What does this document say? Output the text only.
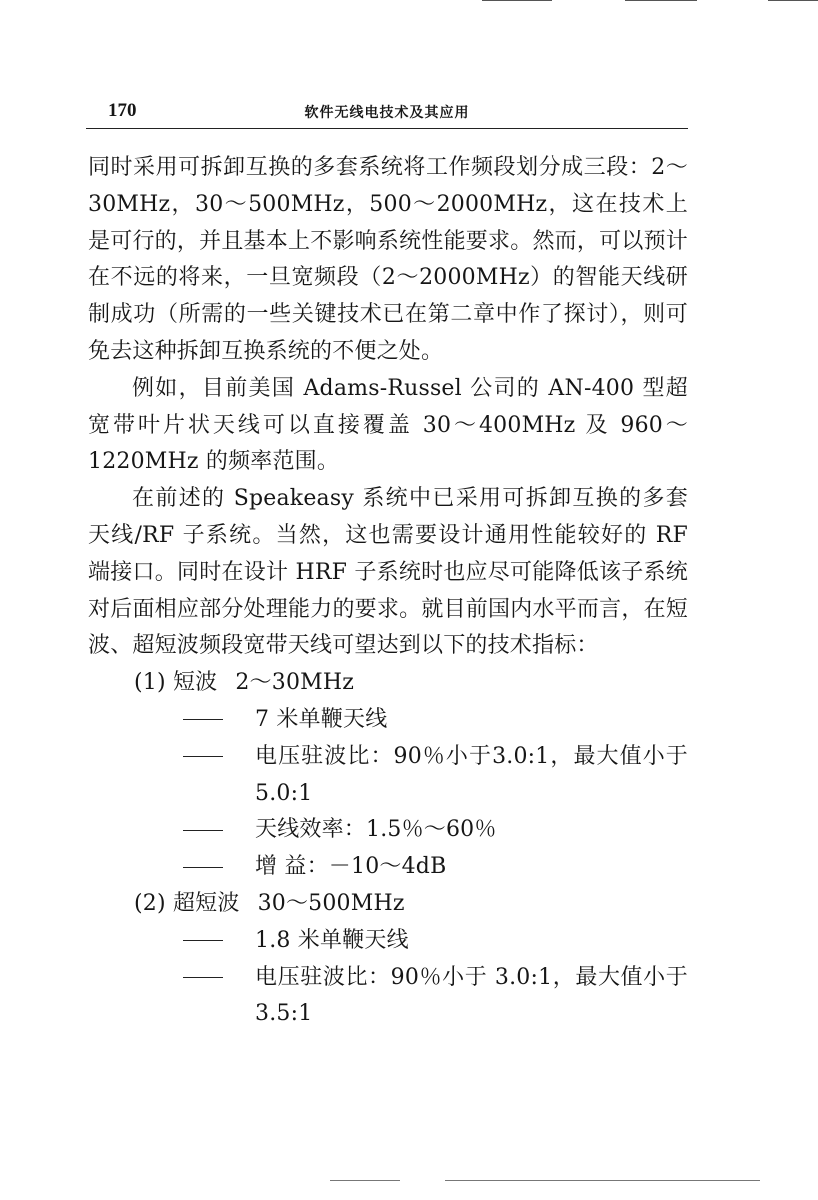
170	软件无线电技术及其应用

同时采用可拆卸互换的多套系统将工作频段划分成三段：2～30MHz，30～500MHz，500～2000MHz，这在技术上是可行的，并且基本上不影响系统性能要求。然而，可以预计在不远的将来，一旦宽频段（2～2000MHz）的智能天线研制成功（所需的一些关键技术已在第二章中作了探讨），则可免去这种拆卸互换系统的不便之处。

例如，目前美国 Adams-Russel 公司的 AN-400 型超宽带叶片状天线可以直接覆盖 30～400MHz 及 960～1220MHz 的频率范围。

在前述的 Speakeasy 系统中已采用可拆卸互换的多套天线/RF 子系统。当然，这也需要设计通用性能较好的 RF 端接口。同时在设计 HRF 子系统时也应尽可能降低该子系统对后面相应部分处理能力的要求。就目前国内水平而言，在短波、超短波频段宽带天线可望达到以下的技术指标：

(1) 短波 2～30MHz
7 米单鞭天线
电压驻波比：90％小于3.0:1，最大值小于5.0:1
天线效率：1.5％～60％
增 益：－10～4dB
(2) 超短波 30～500MHz
1.8 米单鞭天线
电压驻波比：90％小于 3.0:1，最大值小于 3.5:1
